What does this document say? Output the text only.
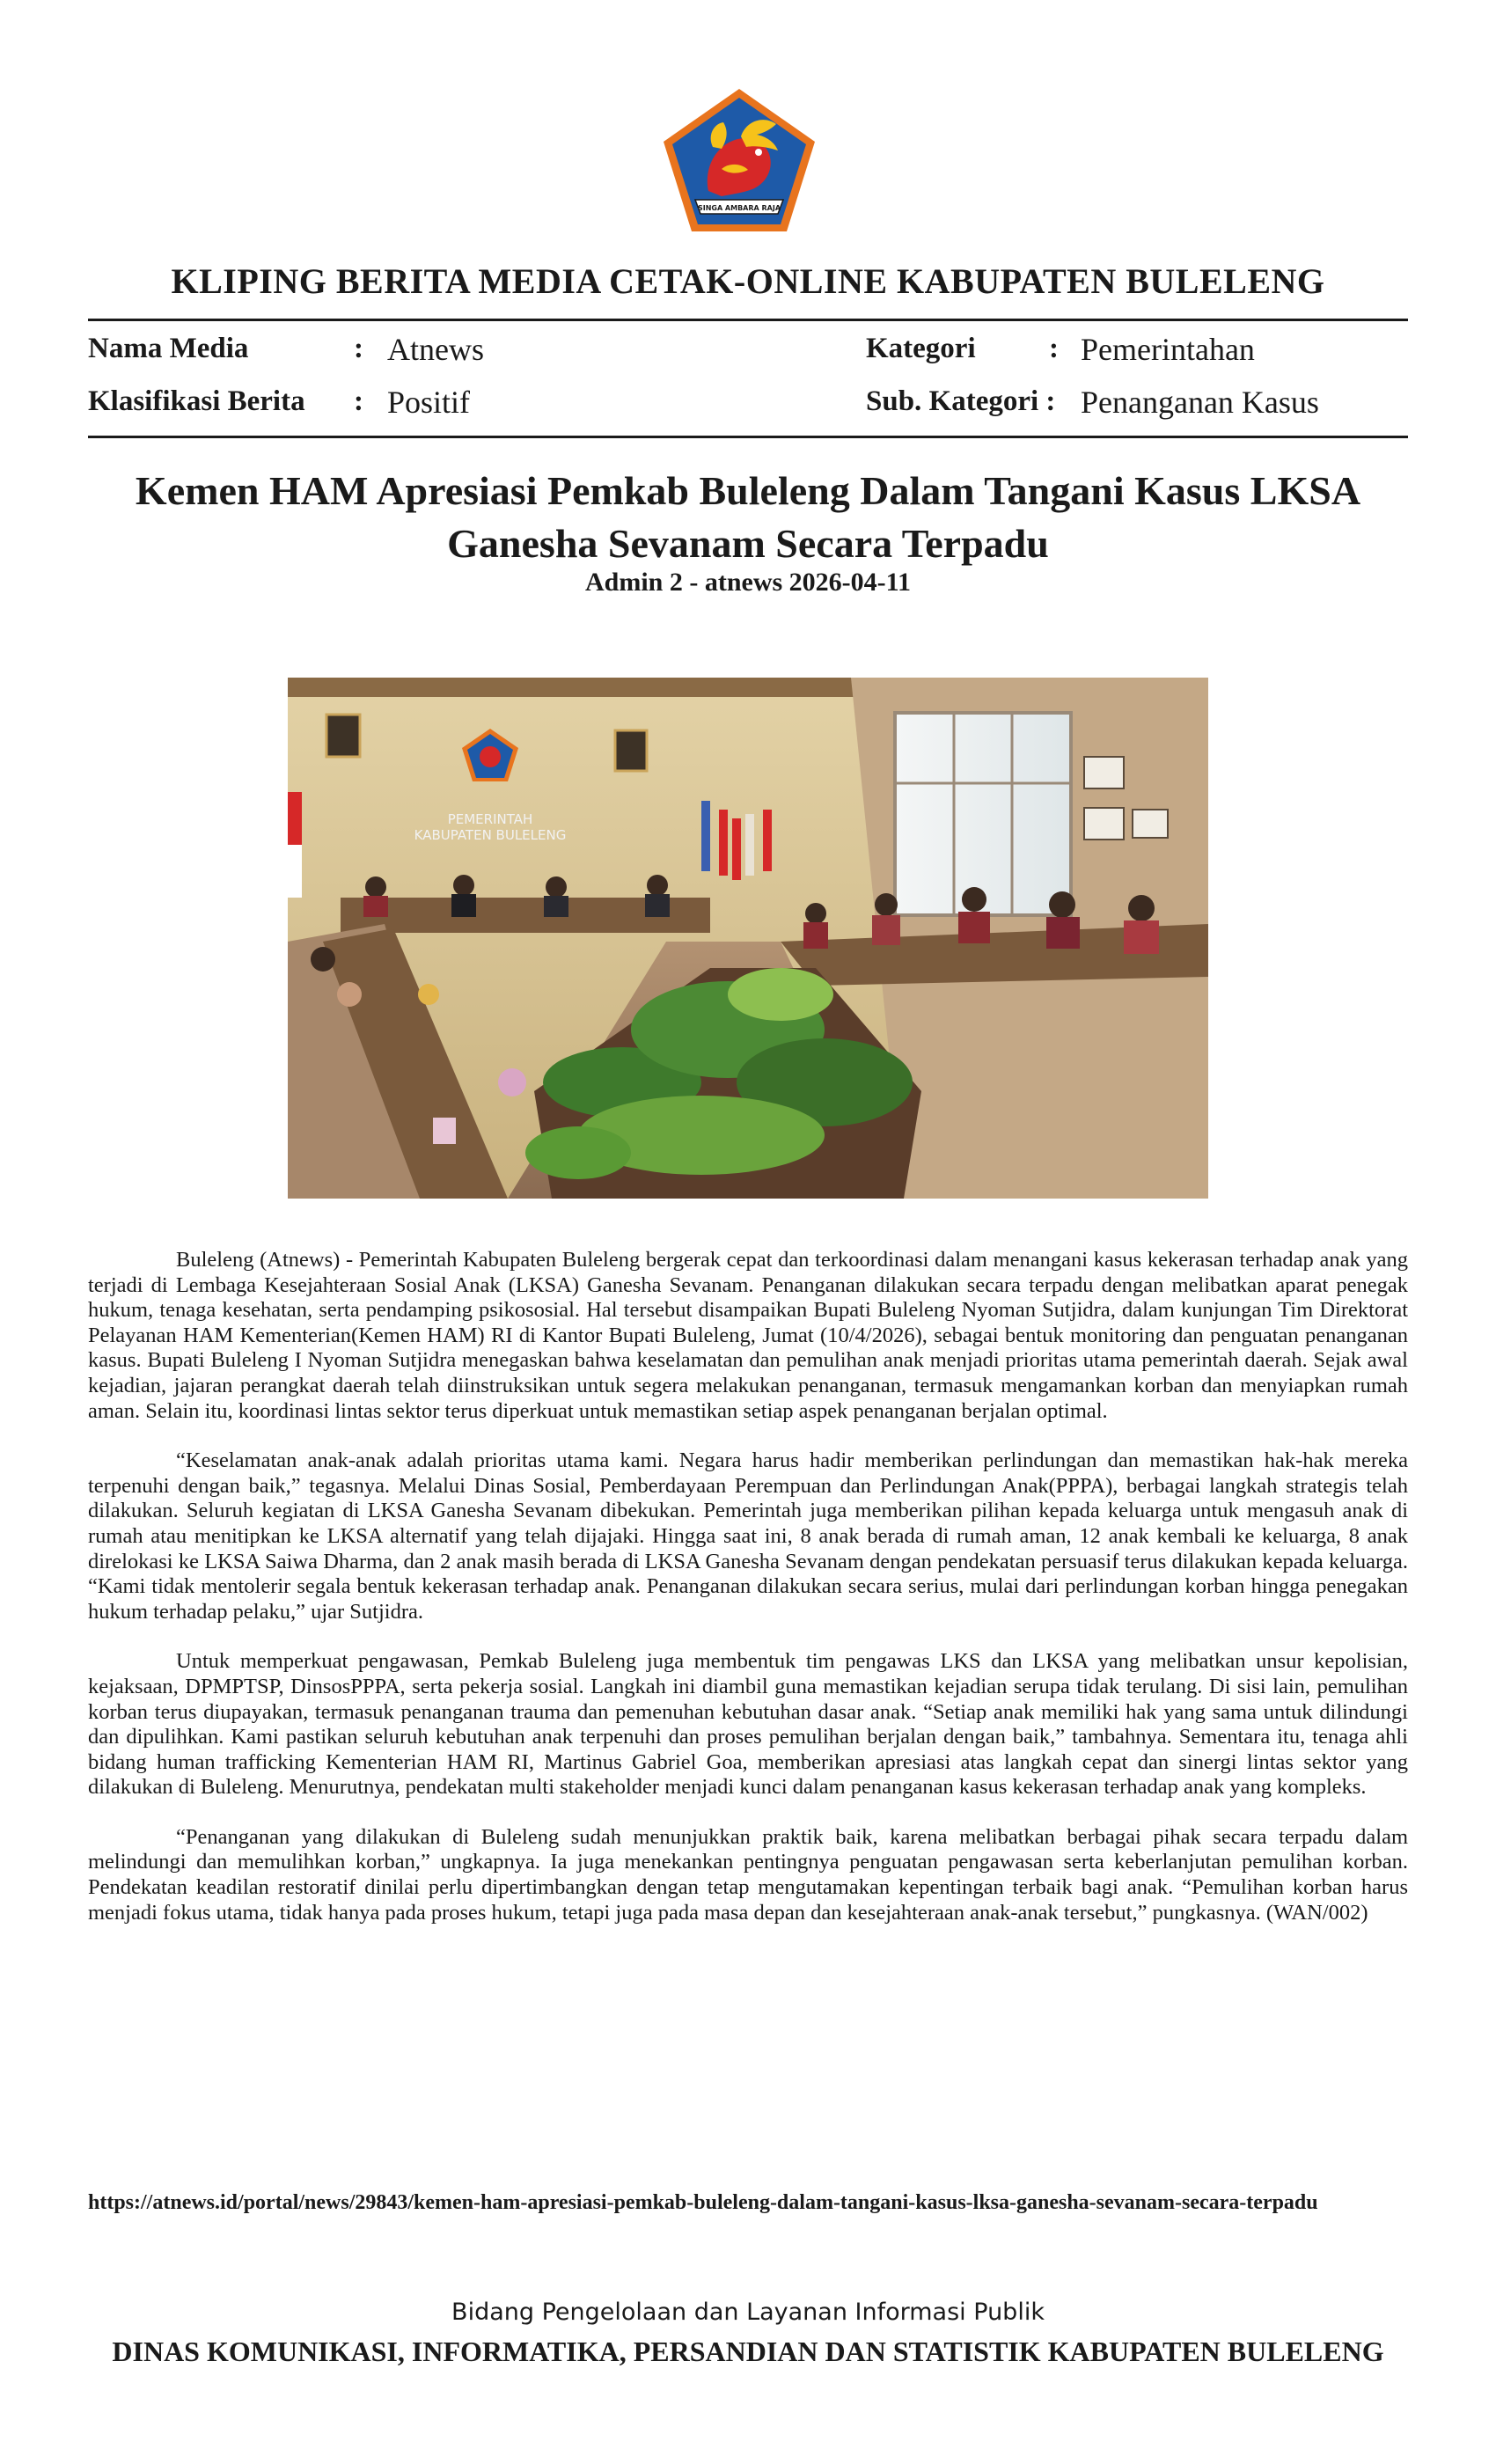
SINGA AMBARA RAJA
KLIPING BERITA MEDIA CETAK-ONLINE KABUPATEN BULELENG
Nama Media	: Atnews
Klasifikasi Berita : Positif
Kategori	: Pemerintahan
Sub. Kategori : Penanganan Kasus
Kemen HAM Apresiasi Pemkab Buleleng Dalam Tangani Kasus LKSA Ganesha Sevanam Secara Terpadu
Admin 2 - atnews 2026-04-11
PEMERINTAH
KABUPATEN BULELENG

Buleleng (Atnews) - Pemerintah Kabupaten Buleleng bergerak cepat dan terkoordinasi dalam menangani kasus kekerasan terhadap anak yang terjadi di Lembaga Kesejahteraan Sosial Anak (LKSA) Ganesha Sevanam. Penanganan dilakukan secara terpadu dengan melibatkan aparat penegak hukum, tenaga kesehatan, serta pendamping psikososial. Hal tersebut disampaikan Bupati Buleleng Nyoman Sutjidra, dalam kunjungan Tim Direktorat Pelayanan HAM Kementerian(Kemen HAM) RI di Kantor Bupati Buleleng, Jumat (10/4/2026), sebagai bentuk monitoring dan penguatan penanganan kasus. Bupati Buleleng I Nyoman Sutjidra menegaskan bahwa keselamatan dan pemulihan anak menjadi prioritas utama pemerintah daerah. Sejak awal kejadian, jajaran perangkat daerah telah diinstruksikan untuk segera melakukan penanganan, termasuk mengamankan korban dan menyiapkan rumah aman. Selain itu, koordinasi lintas sektor terus diperkuat untuk memastikan setiap aspek penanganan berjalan optimal.

“Keselamatan anak-anak adalah prioritas utama kami. Negara harus hadir memberikan perlindungan dan memastikan hak-hak mereka terpenuhi dengan baik,” tegasnya. Melalui Dinas Sosial, Pemberdayaan Perempuan dan Perlindungan Anak(PPPA), berbagai langkah strategis telah dilakukan. Seluruh kegiatan di LKSA Ganesha Sevanam dibekukan. Pemerintah juga memberikan pilihan kepada keluarga untuk mengasuh anak di rumah atau menitipkan ke LKSA alternatif yang telah dijajaki. Hingga saat ini, 8 anak berada di rumah aman, 12 anak kembali ke keluarga, 8 anak direlokasi ke LKSA Saiwa Dharma, dan 2 anak masih berada di LKSA Ganesha Sevanam dengan pendekatan persuasif terus dilakukan kepada keluarga. “Kami tidak mentolerir segala bentuk kekerasan terhadap anak. Penanganan dilakukan secara serius, mulai dari perlindungan korban hingga penegakan hukum terhadap pelaku,” ujar Sutjidra.

Untuk memperkuat pengawasan, Pemkab Buleleng juga membentuk tim pengawas LKS dan LKSA yang melibatkan unsur kepolisian, kejaksaan, DPMPTSP, DinsosPPPA, serta pekerja sosial. Langkah ini diambil guna memastikan kejadian serupa tidak terulang. Di sisi lain, pemulihan korban terus diupayakan, termasuk penanganan trauma dan pemenuhan kebutuhan dasar anak. “Setiap anak memiliki hak yang sama untuk dilindungi dan dipulihkan. Kami pastikan seluruh kebutuhan anak terpenuhi dan proses pemulihan berjalan dengan baik,” tambahnya. Sementara itu, tenaga ahli bidang human trafficking Kementerian HAM RI, Martinus Gabriel Goa, memberikan apresiasi atas langkah cepat dan sinergi lintas sektor yang dilakukan di Buleleng. Menurutnya, pendekatan multi stakeholder menjadi kunci dalam penanganan kasus kekerasan terhadap anak yang kompleks.

“Penanganan yang dilakukan di Buleleng sudah menunjukkan praktik baik, karena melibatkan berbagai pihak secara terpadu dalam melindungi dan memulihkan korban,” ungkapnya. Ia juga menekankan pentingnya penguatan pengawasan serta keberlanjutan pemulihan korban. Pendekatan keadilan restoratif dinilai perlu dipertimbangkan dengan tetap mengutamakan kepentingan terbaik bagi anak. “Pemulihan korban harus menjadi fokus utama, tidak hanya pada proses hukum, tetapi juga pada masa depan dan kesejahteraan anak-anak tersebut,” pungkasnya. (WAN/002)

https://atnews.id/portal/news/29843/kemen-ham-apresiasi-pemkab-buleleng-dalam-tangani-kasus-lksa-ganesha-sevanam-secara-terpadu
Bidang Pengelolaan dan Layanan Informasi Publik
DINAS KOMUNIKASI, INFORMATIKA, PERSANDIAN DAN STATISTIK KABUPATEN BULELENG
